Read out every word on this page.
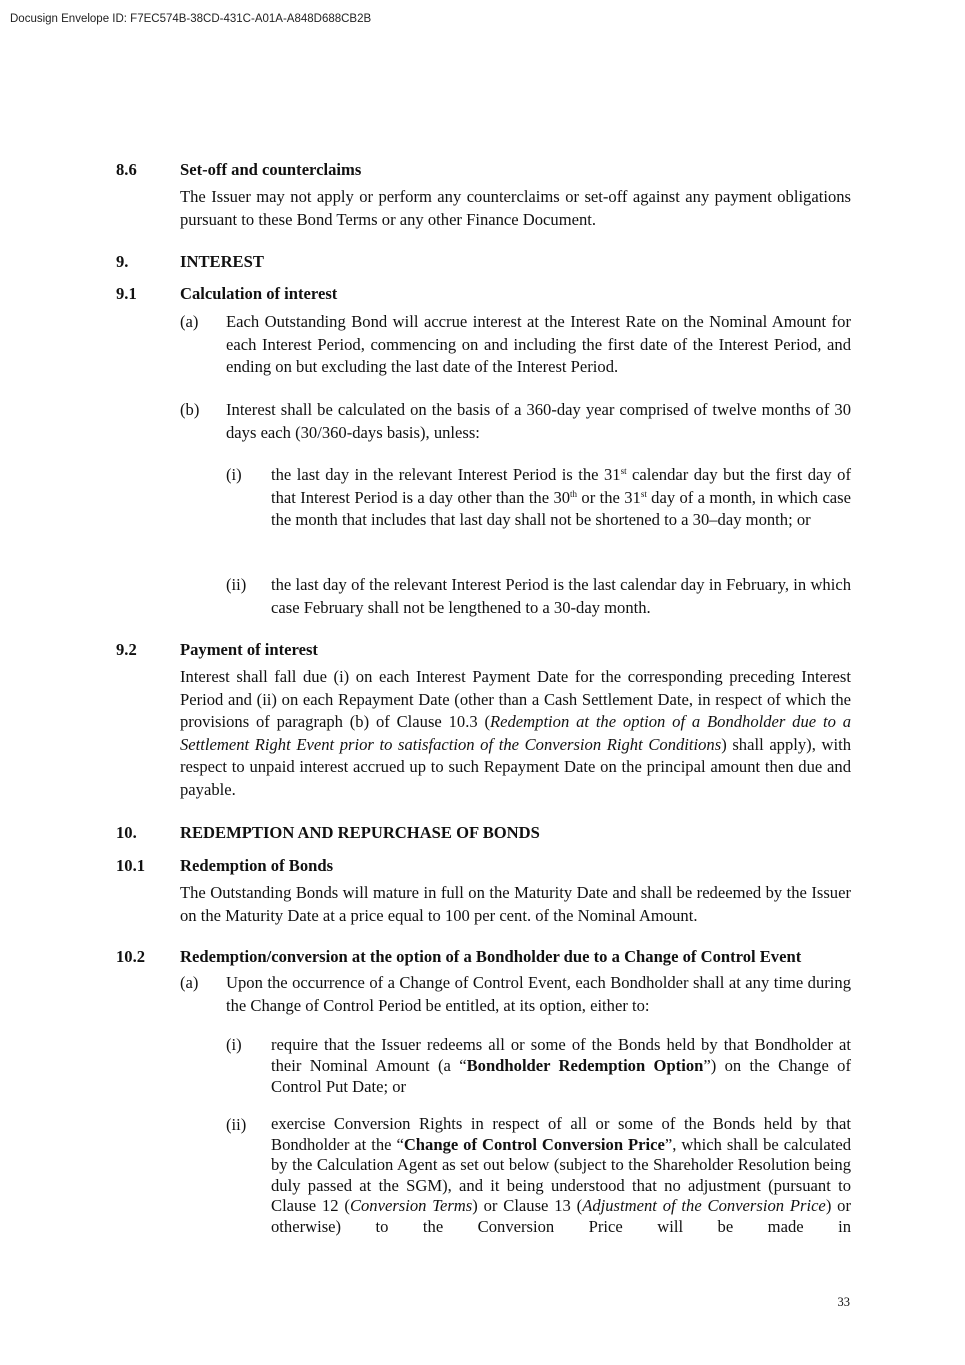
Docusign Envelope ID: F7EC574B-38CD-431C-A01A-A848D688CB2B
8.6	Set-off and counterclaims
The Issuer may not apply or perform any counterclaims or set-off against any payment obligations pursuant to these Bond Terms or any other Finance Document.
9.	INTEREST
9.1	Calculation of interest
(a) Each Outstanding Bond will accrue interest at the Interest Rate on the Nominal Amount for each Interest Period, commencing on and including the first date of the Interest Period, and ending on but excluding the last date of the Interest Period.
(b) Interest shall be calculated on the basis of a 360-day year comprised of twelve months of 30 days each (30/360-days basis), unless:
(i) the last day in the relevant Interest Period is the 31st calendar day but the first day of that Interest Period is a day other than the 30th or the 31st day of a month, in which case the month that includes that last day shall not be shortened to a 30–day month; or
(ii) the last day of the relevant Interest Period is the last calendar day in February, in which case February shall not be lengthened to a 30-day month.
9.2	Payment of interest
Interest shall fall due (i) on each Interest Payment Date for the corresponding preceding Interest Period and (ii) on each Repayment Date (other than a Cash Settlement Date, in respect of which the provisions of paragraph (b) of Clause 10.3 (Redemption at the option of a Bondholder due to a Settlement Right Event prior to satisfaction of the Conversion Right Conditions) shall apply), with respect to unpaid interest accrued up to such Repayment Date on the principal amount then due and payable.
10.	REDEMPTION AND REPURCHASE OF BONDS
10.1 Redemption of Bonds
The Outstanding Bonds will mature in full on the Maturity Date and shall be redeemed by the Issuer on the Maturity Date at a price equal to 100 per cent. of the Nominal Amount.
10.2 Redemption/conversion at the option of a Bondholder due to a Change of Control Event
(a) Upon the occurrence of a Change of Control Event, each Bondholder shall at any time during the Change of Control Period be entitled, at its option, either to:
(i) require that the Issuer redeems all or some of the Bonds held by that Bondholder at their Nominal Amount (a “Bondholder Redemption Option”) on the Change of Control Put Date; or
(ii) exercise Conversion Rights in respect of all or some of the Bonds held by that Bondholder at the “Change of Control Conversion Price”, which shall be calculated by the Calculation Agent as set out below (subject to the Shareholder Resolution being duly passed at the SGM), and it being understood that no adjustment (pursuant to Clause 12 (Conversion Terms) or Clause 13 (Adjustment of the Conversion Price) or otherwise) to the Conversion Price will be made in
33
